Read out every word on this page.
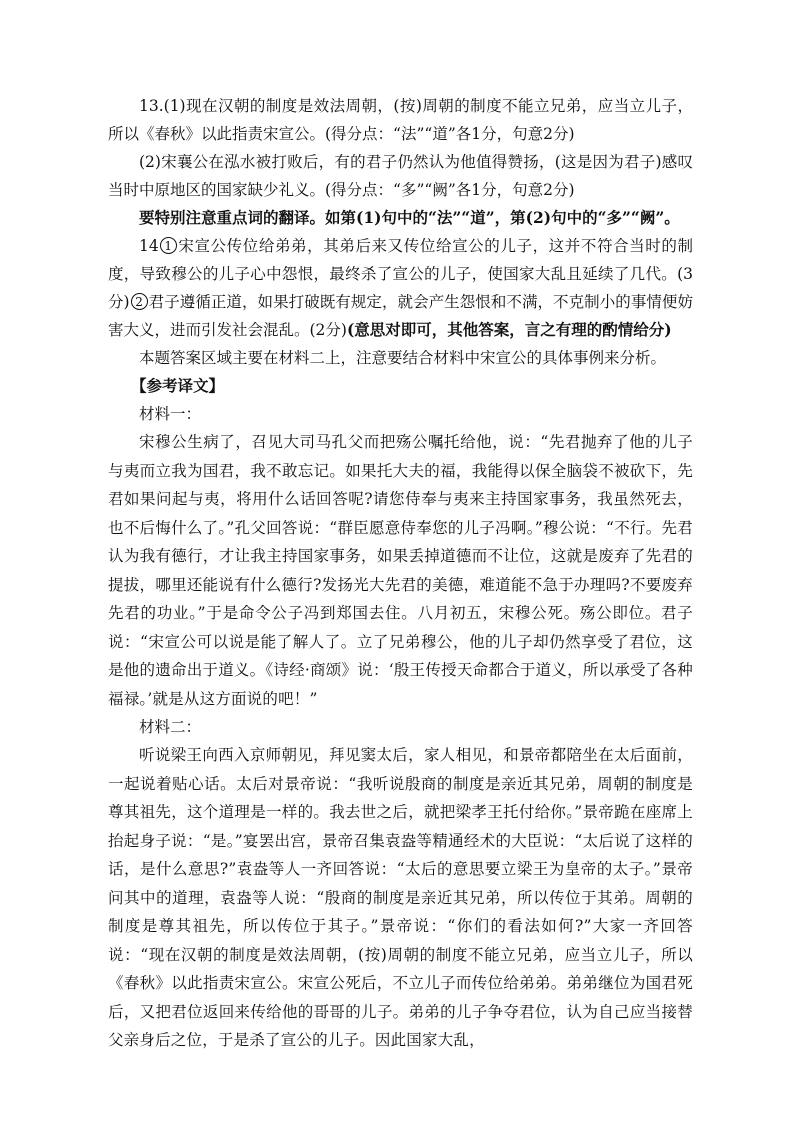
13.(1)现在汉朝的制度是效法周朝，(按)周朝的制度不能立兄弟，应当立儿子，所以《春秋》以此指责宋宣公。(得分点：“法”“道”各1分，句意2分)

(2)宋襄公在泓水被打败后，有的君子仍然认为他值得赞扬，(这是因为君子)感叹当时中原地区的国家缺少礼义。(得分点：“多”“阙”各1分，句意2分)

要特别注意重点词的翻译。如第(1)句中的“法”“道”，第(2)句中的“多”“阙”。

14 1 宋宣公传位给弟弟，其弟后来又传位给宣公的儿子，这并不符合当时的制度，导致穆公的儿子心中怨恨，最终杀了宣公的儿子，使国家大乱且延续了几代。(3分) 2 君子遵循正道，如果打破既有规定，就会产生怨恨和不满，不克制小的事情便妨害大义，进而引发社会混乱。(2分)(意思对即可，其他答案，言之有理的酌情给分)

本题答案区域主要在材料二上，注意要结合材料中宋宣公的具体事例来分析。

【参考译文】

材料一：

宋穆公生病了，召见大司马孔父而把殇公嘱托给他，说：“先君抛弃了他的儿子与夷而立我为国君，我不敢忘记。如果托大夫的福，我能得以保全脑袋不被砍下，先君如果问起与夷，将用什么话回答呢?请您侍奉与夷来主持国家事务，我虽然死去，也不后悔什么了。”孔父回答说：“群臣愿意侍奉您的儿子冯啊。”穆公说：“不行。先君认为我有德行，才让我主持国家事务，如果丢掉道德而不让位，这就是废弃了先君的提拔，哪里还能说有什么德行?发扬光大先君的美德，难道能不急于办理吗?不要废弃先君的功业。”于是命令公子冯到郑国去住。八月初五，宋穆公死。殇公即位。君子说：“宋宣公可以说是能了解人了。立了兄弟穆公，他的儿子却仍然享受了君位，这是他的遗命出于道义。《诗经·商颂》说：‘殷王传授天命都合于道义，所以承受了各种福禄。’就是从这方面说的吧！”

材料二：

听说梁王向西入京师朝见，拜见窦太后，家人相见，和景帝都陪坐在太后面前，一起说着贴心话。太后对景帝说：“我听说殷商的制度是亲近其兄弟，周朝的制度是尊其祖先，这个道理是一样的。我去世之后，就把梁孝王托付给你。”景帝跪在座席上抬起身子说：“是。”宴罢出宫，景帝召集袁盎等精通经术的大臣说：“太后说了这样的话，是什么意思?”袁盎等人一齐回答说：“太后的意思要立梁王为皇帝的太子。”景帝问其中的道理，袁盎等人说：“殷商的制度是亲近其兄弟，所以传位于其弟。周朝的制度是尊其祖先，所以传位于其子。”景帝说：“你们的看法如何?”大家一齐回答说：“现在汉朝的制度是效法周朝，(按)周朝的制度不能立兄弟，应当立儿子，所以《春秋》以此指责宋宣公。宋宣公死后，不立儿子而传位给弟弟。弟弟继位为国君死后，又把君位返回来传给他的哥哥的儿子。弟弟的儿子争夺君位，认为自己应当接替父亲身后之位，于是杀了宣公的儿子。因此国家大乱，
